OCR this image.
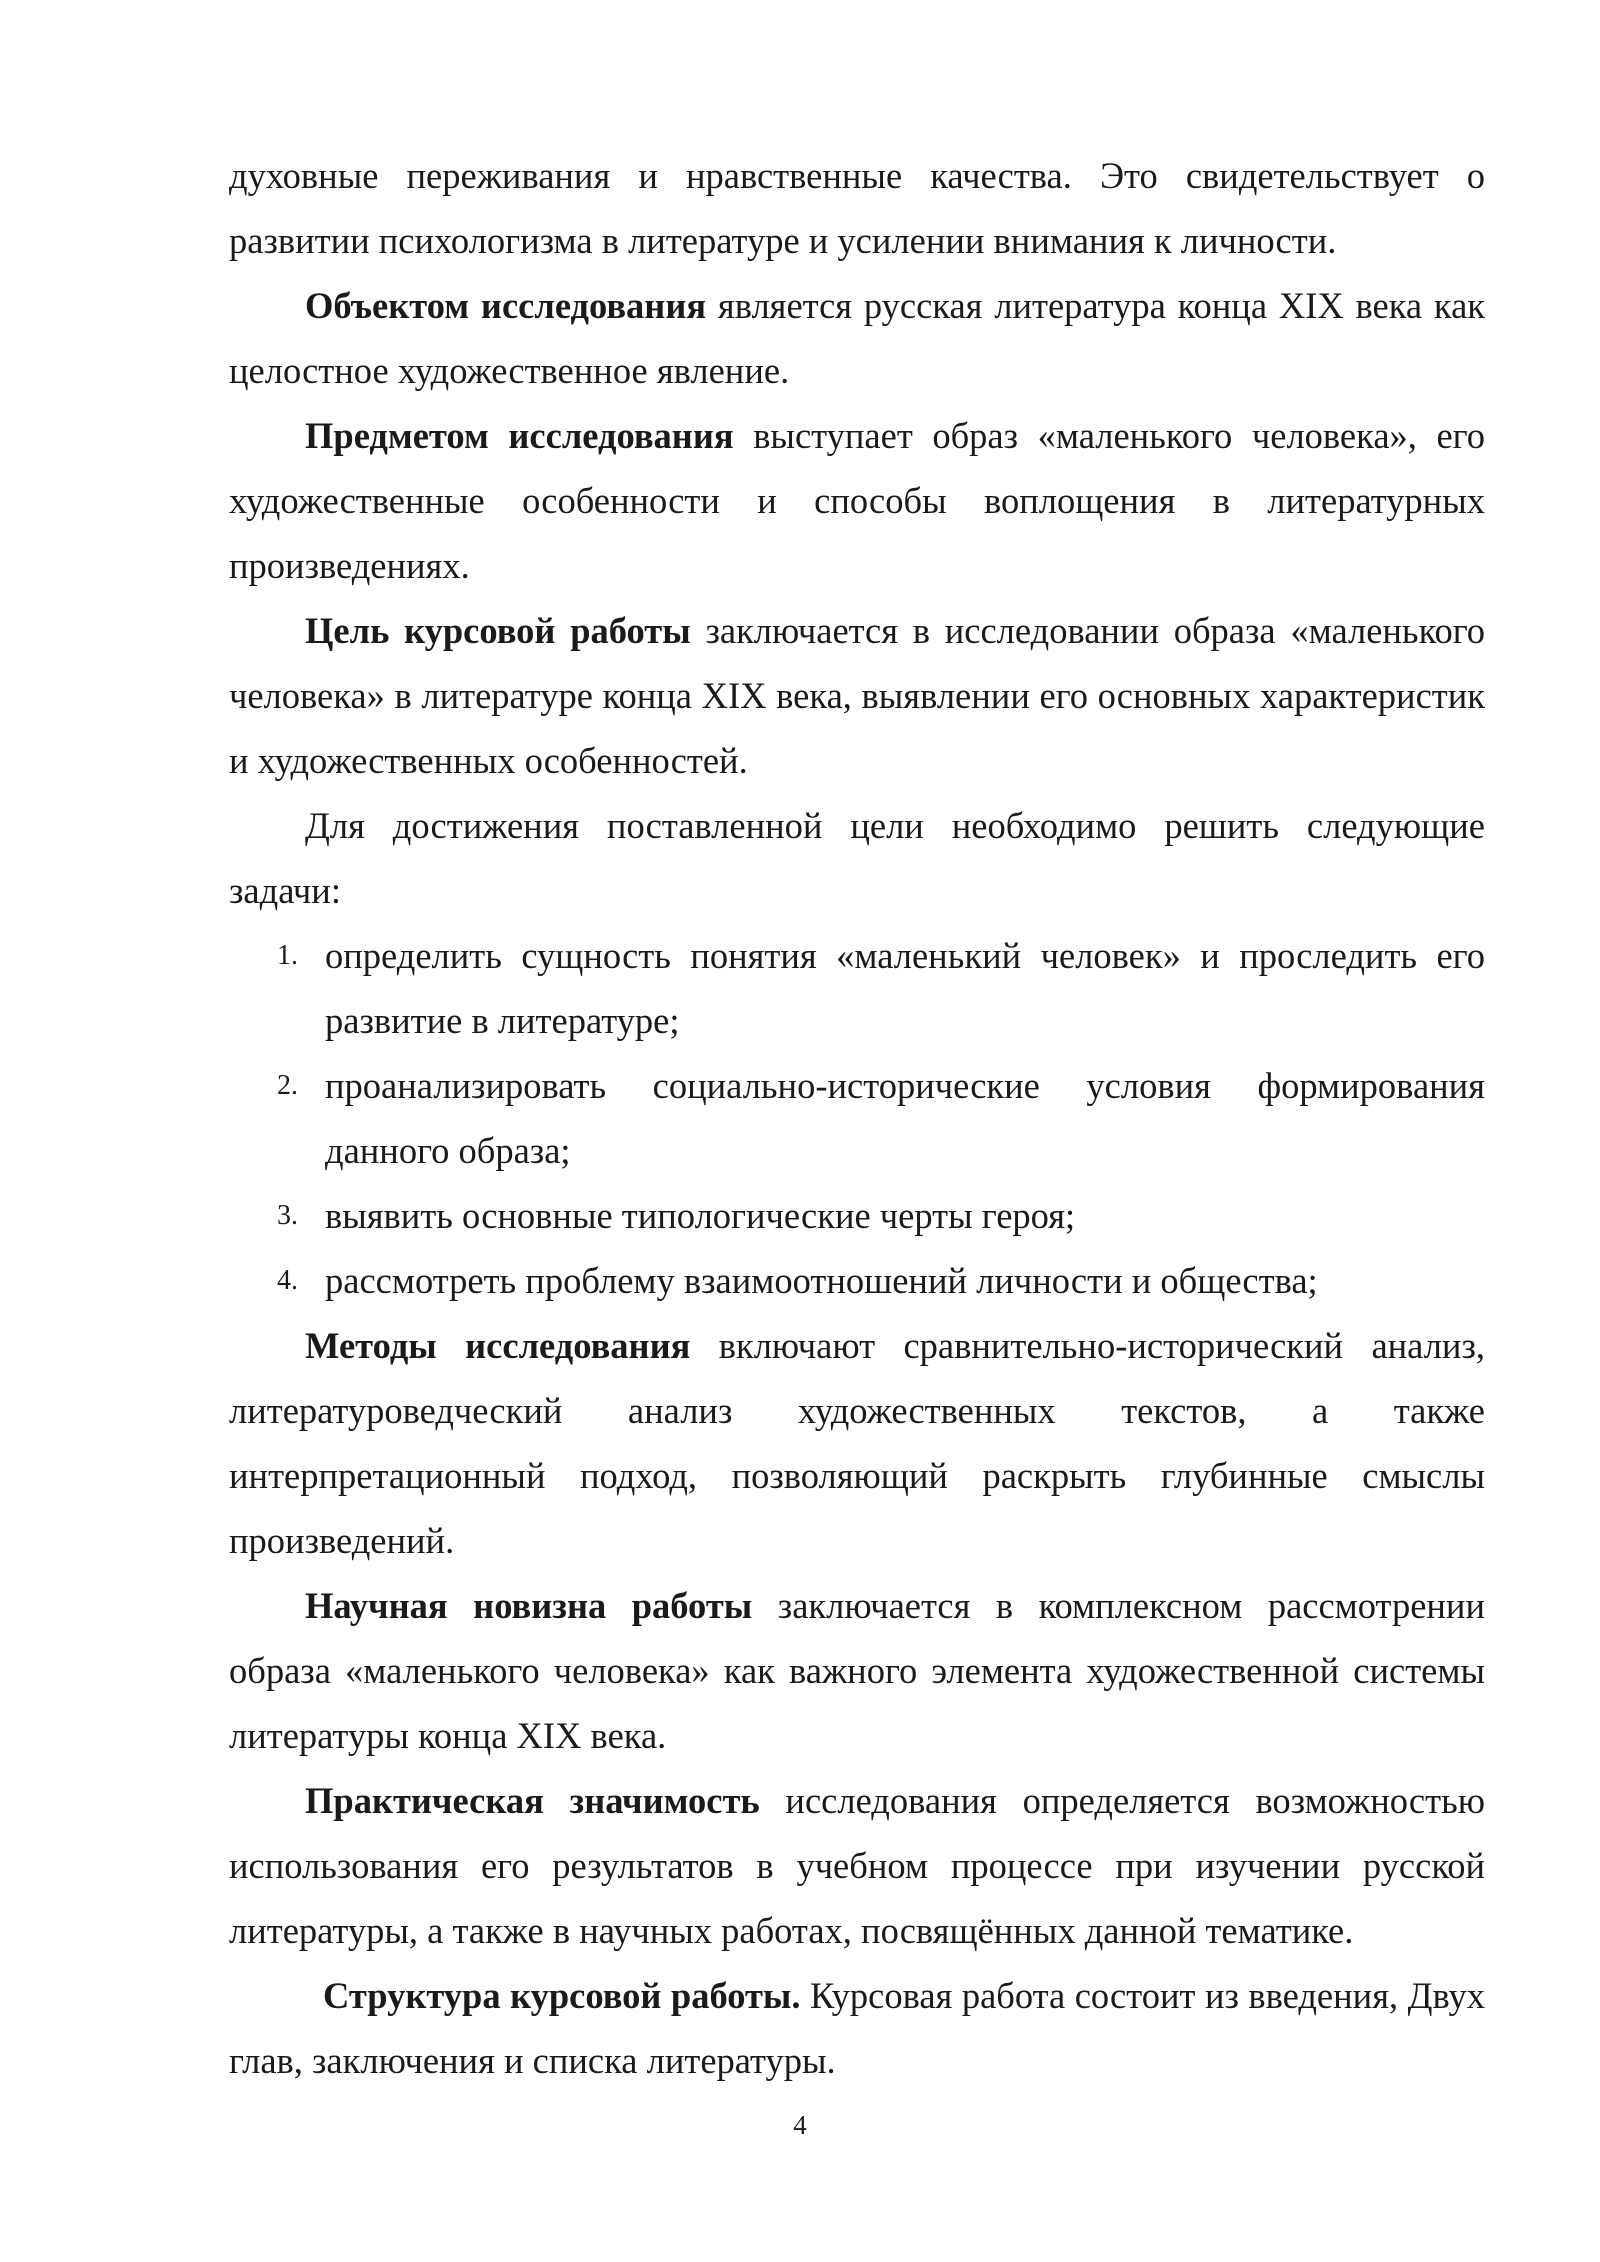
духовные переживания и нравственные качества. Это свидетельствует о развитии психологизма в литературе и усилении внимания к личности.

Объектом исследования является русская литература конца XIX века как целостное художественное явление.

Предметом исследования выступает образ «маленького человека», его художественные особенности и способы воплощения в литературных произведениях.

Цель курсовой работы заключается в исследовании образа «маленького человека» в литературе конца XIX века, выявлении его основных характеристик и художественных особенностей.

Для достижения поставленной цели необходимо решить следующие задачи:

1. определить сущность понятия «маленький человек» и проследить его развитие в литературе;
2. проанализировать социально-исторические условия формирования данного образа;
3. выявить основные типологические черты героя;
4. рассмотреть проблему взаимоотношений личности и общества;

Методы исследования включают сравнительно-исторический анализ, литературоведческий анализ художественных текстов, а также интерпретационный подход, позволяющий раскрыть глубинные смыслы произведений.

Научная новизна работы заключается в комплексном рассмотрении образа «маленького человека» как важного элемента художественной системы литературы конца XIX века.

Практическая значимость исследования определяется возможностью использования его результатов в учебном процессе при изучении русской литературы, а также в научных работах, посвящённых данной тематике.

Структура курсовой работы. Курсовая работа состоит из введения, Двух глав, заключения и списка литературы.

4
